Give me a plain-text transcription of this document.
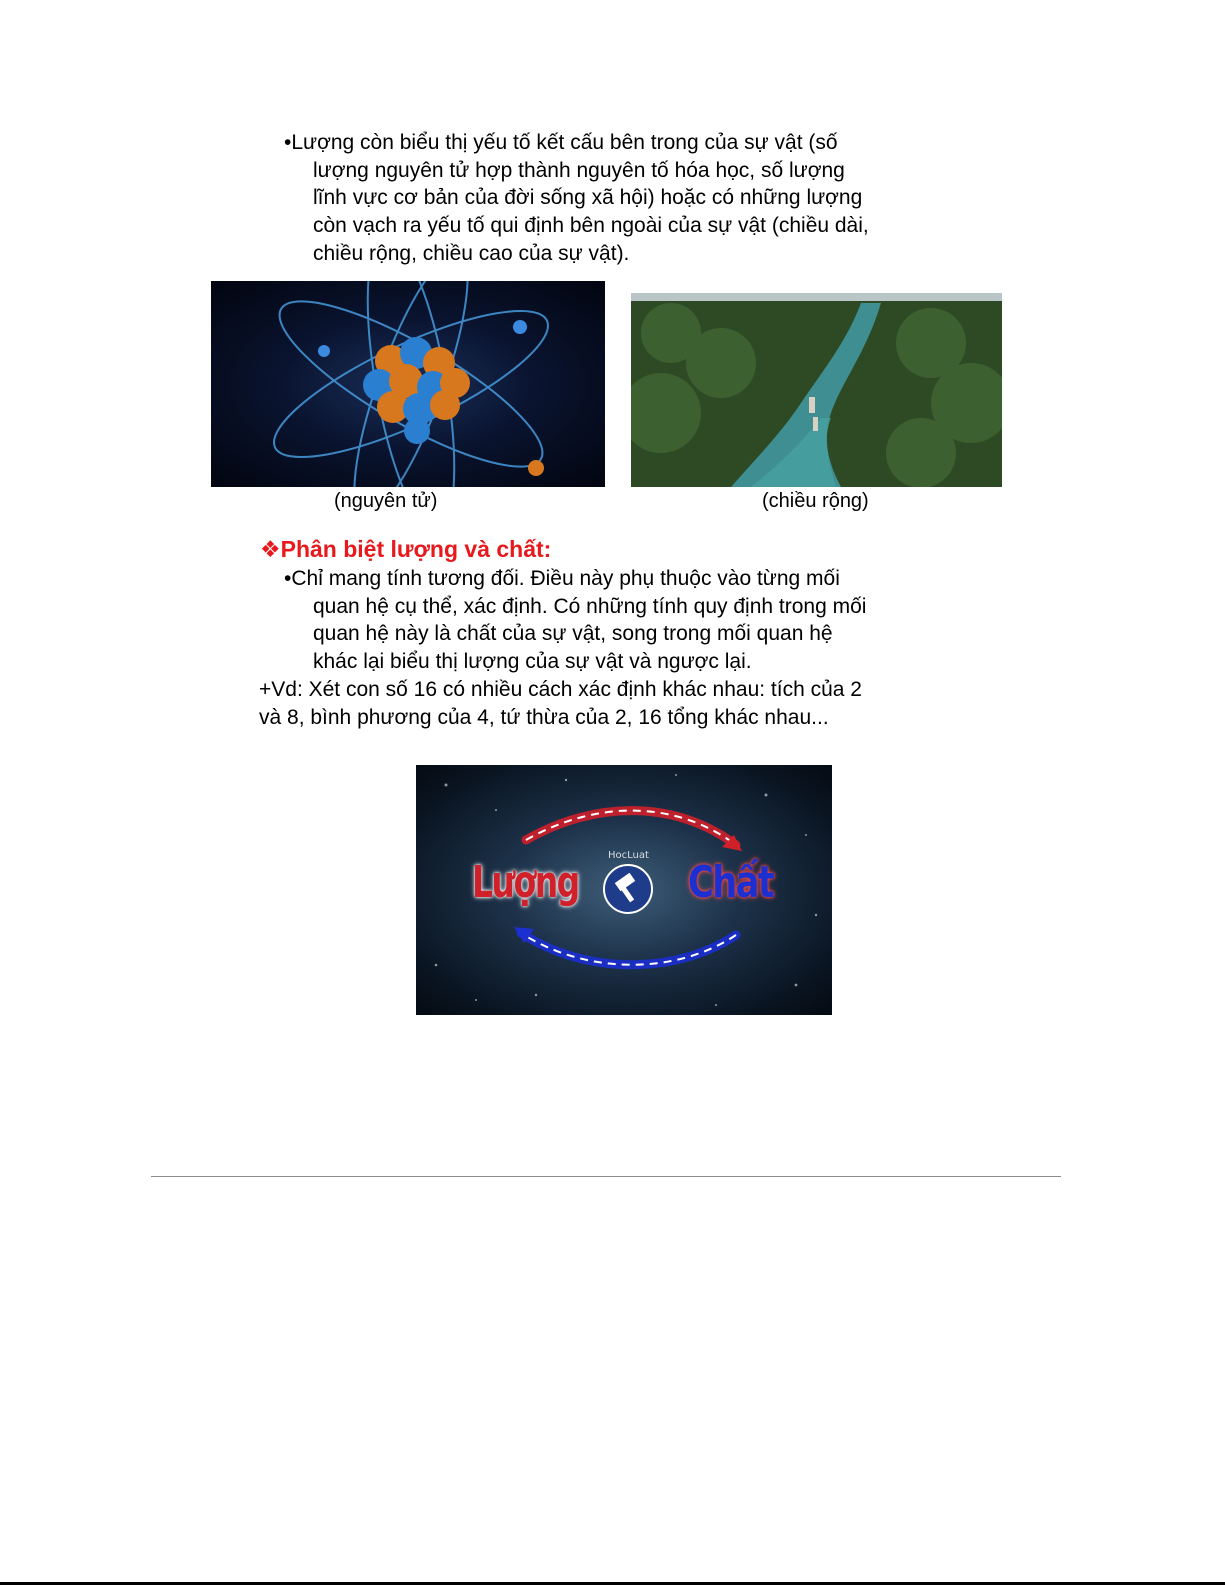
•Lượng còn biểu thị yếu tố kết cấu bên trong của sự vật (số
lượng nguyên tử hợp thành nguyên tố hóa học, số lượng
lĩnh vực cơ bản của đời sống xã hội) hoặc có những lượng
còn vạch ra yếu tố qui định bên ngoài của sự vật (chiều dài,
chiều rộng, chiều cao của sự vật).
(nguyên tử)	(chiều rộng)
❖Phân biệt lượng và chất:
•Chỉ mang tính tương đối. Điều này phụ thuộc vào từng mối
quan hệ cụ thể, xác định. Có những tính quy định trong mối
quan hệ này là chất của sự vật, song trong mối quan hệ
khác lại biểu thị lượng của sự vật và ngược lại.
+Vd: Xét con số 16 có nhiều cách xác định khác nhau: tích của 2
và 8, bình phương của 4, tứ thừa của 2, 16 tổng khác nhau...
HocLuat
Lượng Chất
